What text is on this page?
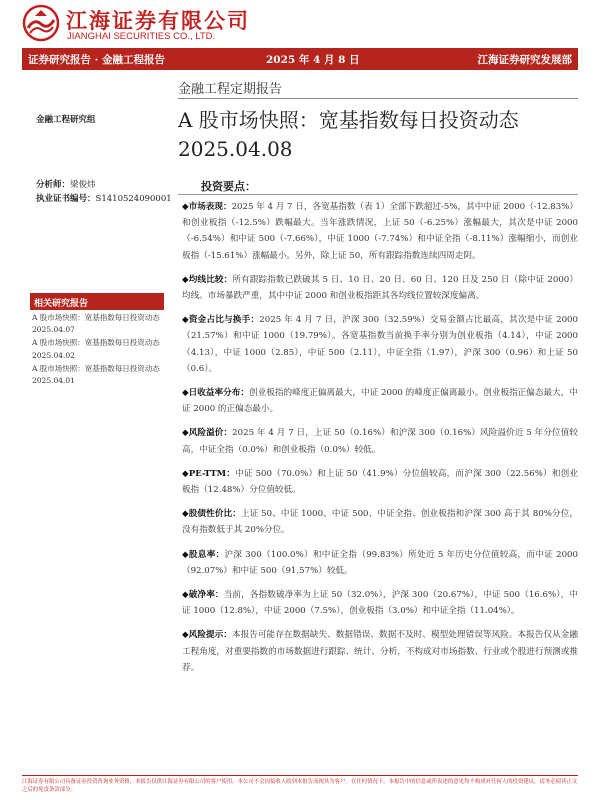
江海证券有限公司
JIANGHAI SECURITIES CO., LTD.
证券研究报告 · 金融工程报告	2025 年 4 月 8 日	江海证券研究发展部
金融工程定期报告
金融工程研究组	A 股市场快照：宽基指数每日投资动态
2025.04.08
分析师：梁俊炜
执业证书编号：S1410524090001
相关研究报告
A 股市场快照：宽基指数每日投资动态 2025.04.07
A 股市场快照：宽基指数每日投资动态 2025.04.02
A 股市场快照：宽基指数每日投资动态 2025.04.01
投资要点：

◆市场表现：2025 年 4 月 7 日，各宽基指数（表 1）全部下跌超过-5%，其中中证 2000（-12.83%）和创业板指（-12.5%）跌幅最大。当年涨跌情况，上证 50（-6.25%）涨幅最大，其次是中证 2000（-6.54%）和中证 500（-7.66%），中证 1000（-7.74%）和中证全指（-8.11%）涨幅缩小，而创业板指（-15.61%）涨幅最小。另外，除上证 50，所有跟踪指数连续四周走阴。

◆均线比较：所有跟踪指数已跌破其 5 日、10 日、20 日、60 日、120 日及 250 日（除中证 2000）均线。市场暴跌严重，其中中证 2000 和创业板指距其各均线位置较深度偏离。

◆资金占比与换手：2025 年 4 月 7 日，沪深 300（32.59%）交易金额占比最高，其次是中证 2000（21.57%）和中证 1000（19.79%）。各宽基指数当前换手率分别为创业板指（4.14），中证 2000（4.13），中证 1000（2.85），中证 500（2.11），中证全指（1.97），沪深 300（0.96）和上证 50（0.6）。

◆日收益率分布：创业板指的峰度正偏离最大，中证 2000 的峰度正偏离最小。创业板指正偏态最大，中证 2000 的正偏态最小。

◆风险溢价：2025 年 4 月 7 日，上证 50（0.16%）和沪深 300（0.16%）风险溢价近 5 年分位值较高，中证全指（0.0%）和创业板指（0.0%）较低。

◆PE-TTM：中证 500（70.0%）和上证 50（41.9%）分位值较高，而沪深 300（22.56%）和创业板指（12.48%）分位值较低。

◆股债性价比：上证 50、中证 1000、中证 500、中证全指、创业板指和沪深 300 高于其 80%分位，没有指数低于其 20%分位。

◆股息率：沪深 300（100.0%）和中证全指（99.83%）所处近 5 年历史分位值较高，而中证 2000（92.07%）和中证 500（91.57%）较低。

◆破净率：当前，各指数破净率为上证 50（32.0%），沪深 300（20.67%），中证 500（16.6%），中证 1000（12.8%），中证 2000（7.5%），创业板指（3.0%）和中证全指（11.04%）。

◆风险提示：本报告可能存在数据缺失、数据错误、数据不及时、模型处理错误等风险。本报告仅从金融工程角度，对重要指数的市场数据进行跟踪、统计、分析，不构成对市场指数、行业或个股进行预测或推荐。

江海证券有限公司具备证券投资咨询业务资格，本报告仅供江海证券有限公司的客户使用。本公司不会因接收人收到本报告而视其为客户。在任何情况下，本报告中的信息或所表述的意见均不构成对任何人的投资建议。请务必阅读正文之后的免责条款部分。
